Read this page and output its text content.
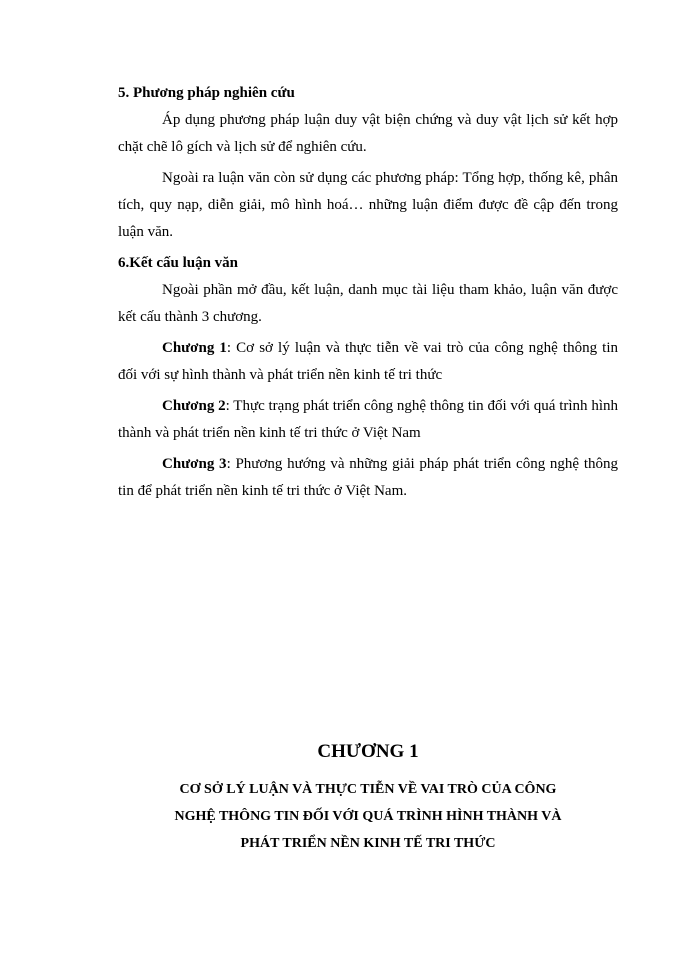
5. Phương pháp nghiên cứu

Áp dụng phương pháp luận duy vật biện chứng và duy vật lịch sử kết hợp chặt chẽ lô gích và lịch sử để nghiên cứu.

Ngoài ra luận văn còn sử dụng các phương pháp: Tổng hợp, thống kê, phân tích, quy nạp, diễn giải, mô hình hoá… những luận điểm được đề cập đến trong luận văn.

6.Kết cấu luận văn

Ngoài phần mở đầu, kết luận, danh mục tài liệu tham khảo, luận văn được kết cấu thành 3 chương.

Chương 1: Cơ sở lý luận và thực tiễn về vai trò của công nghệ thông tin đối với sự hình thành và phát triển nền kinh tế tri thức

Chương 2: Thực trạng phát triển công nghệ thông tin đối với quá trình hình thành và phát triển nền kinh tế tri thức ở Việt Nam

Chương 3: Phương hướng và những giải pháp phát triển công nghệ thông tin để phát triển nền kinh tế tri thức ở Việt Nam.

CHƯƠNG 1

CƠ SỞ LÝ LUẬN VÀ THỰC TIỄN VỀ VAI TRÒ CỦA CÔNG
NGHỆ THÔNG TIN ĐỐI VỚI QUÁ TRÌNH HÌNH THÀNH VÀ
PHÁT TRIỂN NỀN KINH TẾ TRI THỨC
